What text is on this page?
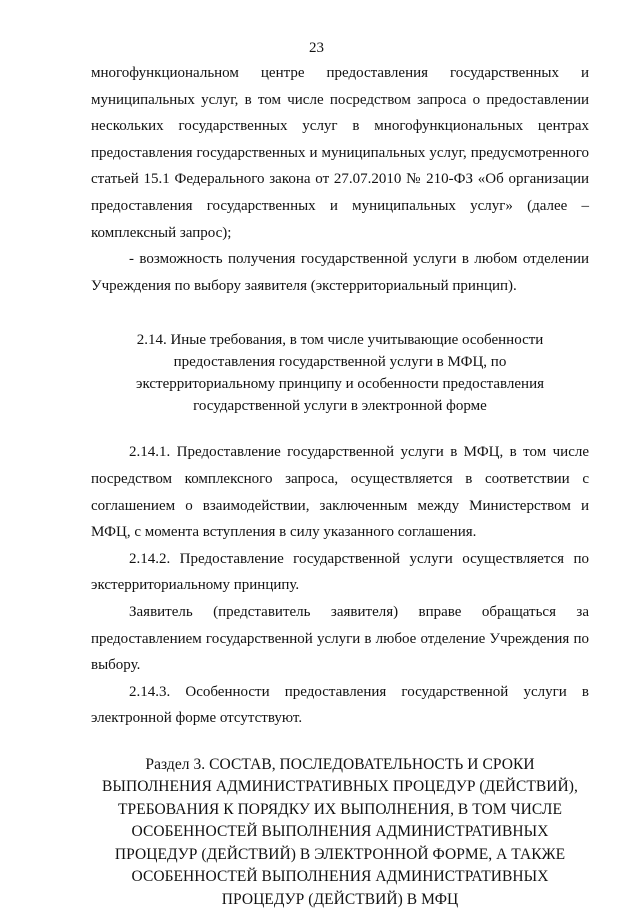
23

многофункциональном центре предоставления государственных и муниципальных услуг, в том числе посредством запроса о предоставлении нескольких государственных услуг в многофункциональных центрах предоставления государственных и муниципальных услуг, предусмотренного статьей 15.1 Федерального закона от 27.07.2010 № 210-ФЗ «Об организации предоставления государственных и муниципальных услуг» (далее – комплексный запрос);

- возможность получения государственной услуги в любом отделении Учреждения по выбору заявителя (экстерриториальный принцип).

2.14. Иные требования, в том числе учитывающие особенности предоставления государственной услуги в МФЦ, по экстерриториальному принципу и особенности предоставления государственной услуги в электронной форме

2.14.1. Предоставление государственной услуги в МФЦ, в том числе посредством комплексного запроса, осуществляется в соответствии с соглашением о взаимодействии, заключенным между Министерством и МФЦ, с момента вступления в силу указанного соглашения.

2.14.2. Предоставление государственной услуги осуществляется по экстерриториальному принципу.

Заявитель (представитель заявителя) вправе обращаться за предоставлением государственной услуги в любое отделение Учреждения по выбору.

2.14.3. Особенности предоставления государственной услуги в электронной форме отсутствуют.

Раздел 3. СОСТАВ, ПОСЛЕДОВАТЕЛЬНОСТЬ И СРОКИ ВЫПОЛНЕНИЯ АДМИНИСТРАТИВНЫХ ПРОЦЕДУР (ДЕЙСТВИЙ), ТРЕБОВАНИЯ К ПОРЯДКУ ИХ ВЫПОЛНЕНИЯ, В ТОМ ЧИСЛЕ ОСОБЕННОСТЕЙ ВЫПОЛНЕНИЯ АДМИНИСТРАТИВНЫХ ПРОЦЕДУР (ДЕЙСТВИЙ) В ЭЛЕКТРОННОЙ ФОРМЕ, А ТАКЖЕ ОСОБЕННОСТЕЙ ВЫПОЛНЕНИЯ АДМИНИСТРАТИВНЫХ ПРОЦЕДУР (ДЕЙСТВИЙ) В МФЦ
